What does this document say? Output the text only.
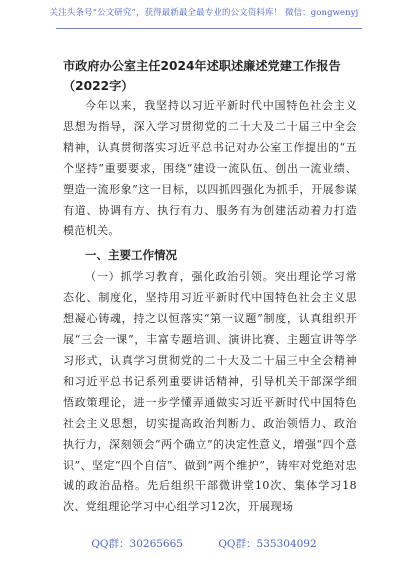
关注头条号“公文研究”，获得最新最全最专业的公文资料库！ 微信：gongwenyj
市政府办公室主任2024年述职述廉述党建工作报告（2022字）

今年以来，我坚持以习近平新时代中国特色社会主义思想为指导，深入学习贯彻党的二十大及二十届三中全会精神，认真贯彻落实习近平总书记对办公室工作提出的“五个坚持”重要要求，围绕“建设一流队伍、创出一流业绩、塑造一流形象”这一目标，以四抓四强化为抓手，开展参谋有道、协调有方、执行有力、服务有为创建活动着力打造模范机关。

一、主要工作情况

（一）抓学习教育，强化政治引领。突出理论学习常态化、制度化，坚持用习近平新时代中国特色社会主义思想凝心铸魂，持之以恒落实“第一议题”制度，认真组织开展“三会一课”，丰富专题培训、演讲比赛、主题宣讲等学习形式，认真学习贯彻党的二十大及二十届三中全会精神和习近平总书记系列重要讲话精神，引导机关干部深学细悟政策理论，进一步学懂弄通做实习近平新时代中国特色社会主义思想，切实提高政治判断力、政治领悟力、政治执行力，深刻领会“两个确立”的决定性意义，增强“四个意识”、坚定“四个自信”、做到“两个维护”，铸牢对党绝对忠诚的政治品格。先后组织干部微讲堂10次、集体学习18次、党组理论学习中心组学习12次，开展现场

QQ群：30265665	QQ群：535304092
